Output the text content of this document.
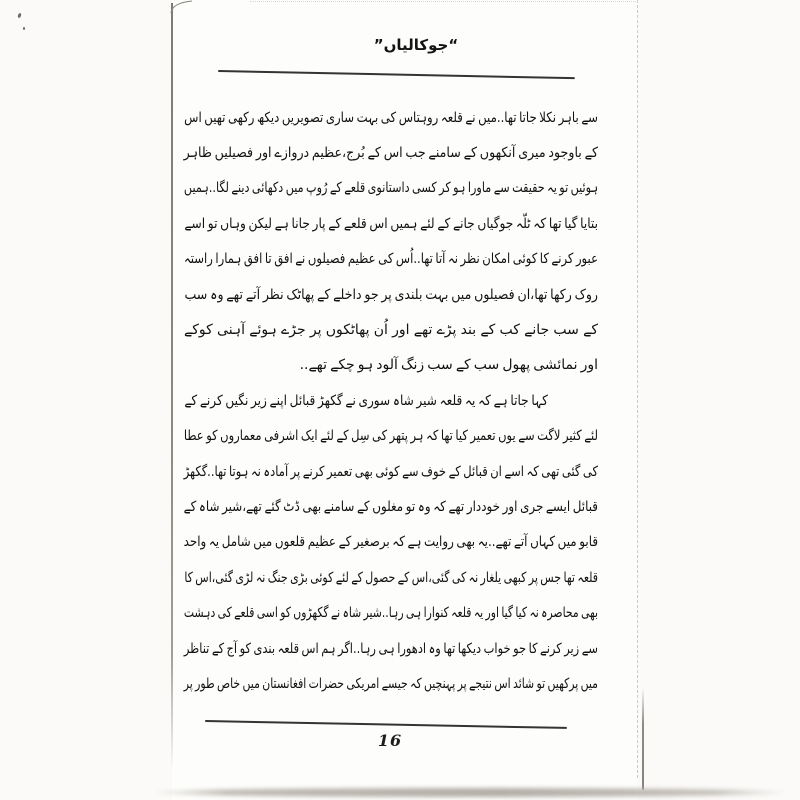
“جوکالیاں”
سے
باہر
نکلا
جاتا
تھا..میں
نے
قلعہ
روہتاس
کی
بہت
ساری
تصویریں
دیکھ
رکھی
تھیں
اس
کے
باوجود
میری
آنکھوں
کے
سامنے
جب
اس
کے
بُرج،عظیم
دروازے
اور
فصیلیں
ظاہر
ہوئیں
تو
یہ
حقیقت
سے
ماورا
ہو
کر
کسی
داستانوی
قلعے
کے
رُوپ
میں
دکھائی
دینے
لگا..ہمیں
بتایا
گیا
تھا
کہ
ٹلّہ
جوگیاں
جانے
کے
لئے
ہمیں
اس
قلعے
کے
پار
جانا
ہے
لیکن
وہاں
تو
اسے
عبور
کرنے
کا
کوئی
امکان
نظر
نہ
آتا
تھا..اُس
کی
عظیم
فصیلوں
نے
افق
تا
افق
ہمارا
راستہ
روک
رکھا
تھا،ان
فصیلوں
میں
بہت
بلندی
پر
جو
داخلے
کے
پھاٹک
نظر
آتے
تھے
وہ
سب
کے
سب
جانے
کب
کے
بند
پڑے
تھے
اور
اُن
پھاٹکوں
پر
جڑے
ہوئے
آہنی
کوکے
اور
نمائشی
پھول
سب
کے
سب
زنگ
آلود
ہو
چکے
تھے..
کہا
جاتا
ہے
کہ
یہ
قلعہ
شیر
شاہ
سوری
نے
گکھڑ
قبائل
اپنے
زیر
نگیں
کرنے
کے
لئے
کثیر
لاگت
سے
یوں
تعمیر
کیا
تھا
کہ
ہر
پتھر
کی
سِل
کے
لئے
ایک
اشرفی
معماروں
کو
عطا
کی
گئی
تھی
کہ
اسے
ان
قبائل
کے
خوف
سے
کوئی
بھی
تعمیر
کرنے
پر
آمادہ
نہ
ہوتا
تھا..گکھڑ
قبائل
ایسے
جری
اور
خوددار
تھے
کہ
وہ
تو
مغلوں
کے
سامنے
بھی
ڈٹ
گئے
تھے،شیر
شاہ
کے
قابو
میں
کہاں
آتے
تھے..یہ
بھی
روایت
ہے
کہ
برصغیر
کے
عظیم
قلعوں
میں
شامل
یہ
واحد
قلعہ
تھا
جس
پر
کبھی
یلغار
نہ
کی
گئی،اس
کے
حصول
کے
لئے
کوئی
بڑی
جنگ
نہ
لڑی
گئی،اس
کا
بھی
محاصرہ
نہ
کیا
گیا
اور
یہ
قلعہ
کنوارا
ہی
رہا..شیر
شاہ
نے
گکھڑوں
کو
اسی
قلعے
کی
دہشت
سے
زیر
کرنے
کا
جو
خواب
دیکھا
تھا
وہ
ادھورا
ہی
رہا..اگر
ہم
اس
قلعہ
بندی
کو
آج
کے
تناظر
میں
پرکھیں
تو
شائد
اس
نتیجے
پر
پہنچیں
کہ
جیسے
امریکی
حضرات
افغانستان
میں
خاص
طور
پر
16
